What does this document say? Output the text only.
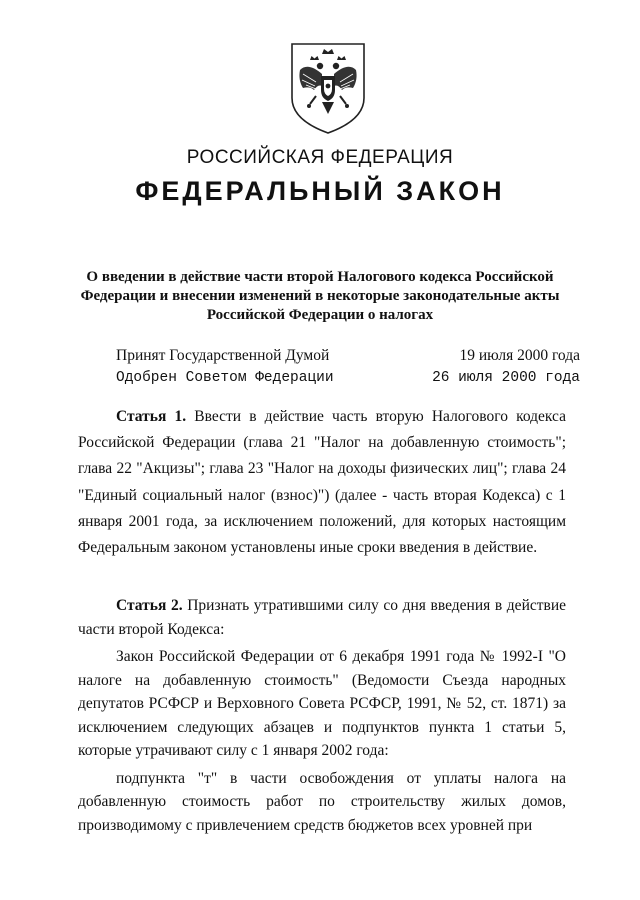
РОССИЙСКАЯ ФЕДЕРАЦИЯ
ФЕДЕРАЛЬНЫЙ ЗАКОН
О введении в действие части второй Налогового кодекса Российской Федерации и внесении изменений в некоторые законодательные акты Российской Федерации о налогах
Принят Государственной Думой	19 июля 2000 года
Одобрен Советом Федерации	26 июля 2000 года

Статья 1. Ввести в действие часть вторую Налогового кодекса Российской Федерации (глава 21 "Налог на добавленную стоимость"; глава 22 "Акцизы"; глава 23 "Налог на доходы физических лиц"; глава 24 "Единый социальный налог (взнос)") (далее - часть вторая Кодекса) с 1 января 2001 года, за исключением положений, для которых настоящим Федеральным законом установлены иные сроки введения в действие.

Статья 2. Признать утратившими силу со дня введения в действие части второй Кодекса:

Закон Российской Федерации от 6 декабря 1991 года № 1992-I "О налоге на добавленную стоимость" (Ведомости Съезда народных депутатов РСФСР и Верховного Совета РСФСР, 1991, № 52, ст. 1871) за исключением следующих абзацев и подпунктов пункта 1 статьи 5, которые утрачивают силу с 1 января 2002 года:

подпункта "т" в части освобождения от уплаты налога на добавленную стоимость работ по строительству жилых домов, производимому с привлечением средств бюджетов всех уровней при
